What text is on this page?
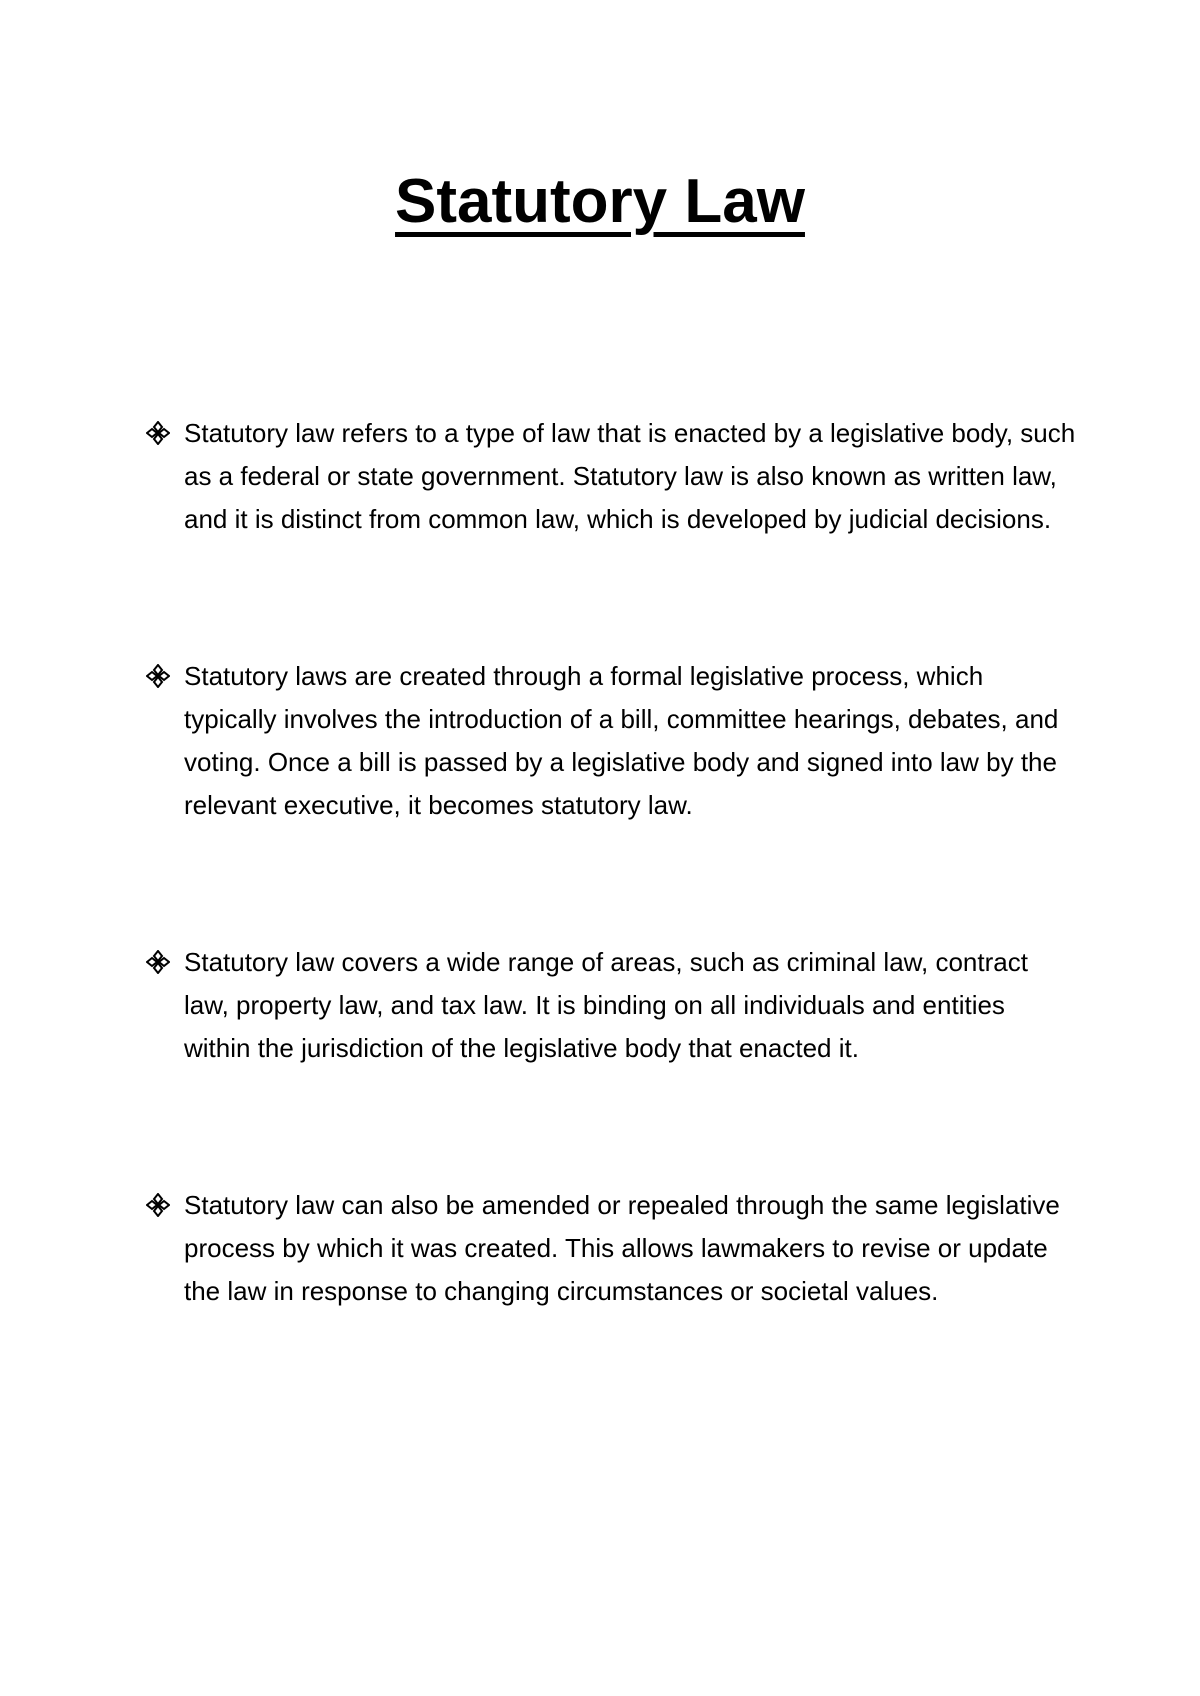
Statutory Law
Statutory law refers to a type of law that is enacted by a legislative body, such as a federal or state government. Statutory law is also known as written law, and it is distinct from common law, which is developed by judicial decisions.
Statutory laws are created through a formal legislative process, which typically involves the introduction of a bill, committee hearings, debates, and voting. Once a bill is passed by a legislative body and signed into law by the relevant executive, it becomes statutory law.
Statutory law covers a wide range of areas, such as criminal law, contract law, property law, and tax law. It is binding on all individuals and entities within the jurisdiction of the legislative body that enacted it.
Statutory law can also be amended or repealed through the same legislative process by which it was created. This allows lawmakers to revise or update the law in response to changing circumstances or societal values.
